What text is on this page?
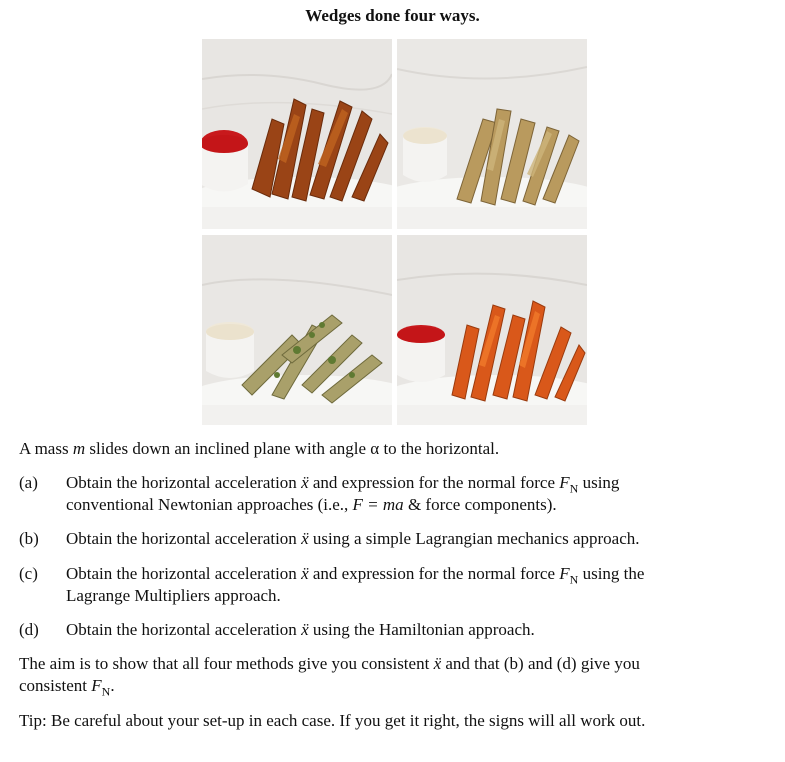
Wedges done four ways.
A mass m slides down an inclined plane with angle α to the horizontal.
(a) Obtain the horizontal acceleration ẍ and expression for the normal force $F_N$ using
conventional Newtonian approaches (i.e., F = ma & force components).
(b) Obtain the horizontal acceleration ẍ using a simple Lagrangian mechanics approach.
(c) Obtain the horizontal acceleration ẍ and expression for the normal force $F_N$ using the
Lagrange Multipliers approach.
(d) Obtain the horizontal acceleration ẍ using the Hamiltonian approach.
The aim is to show that all four methods give you consistent ẍ and that (b) and (d) give you
consistent $F_N$.
Tip: Be careful about your set-up in each case. If you get it right, the signs will all work out.
